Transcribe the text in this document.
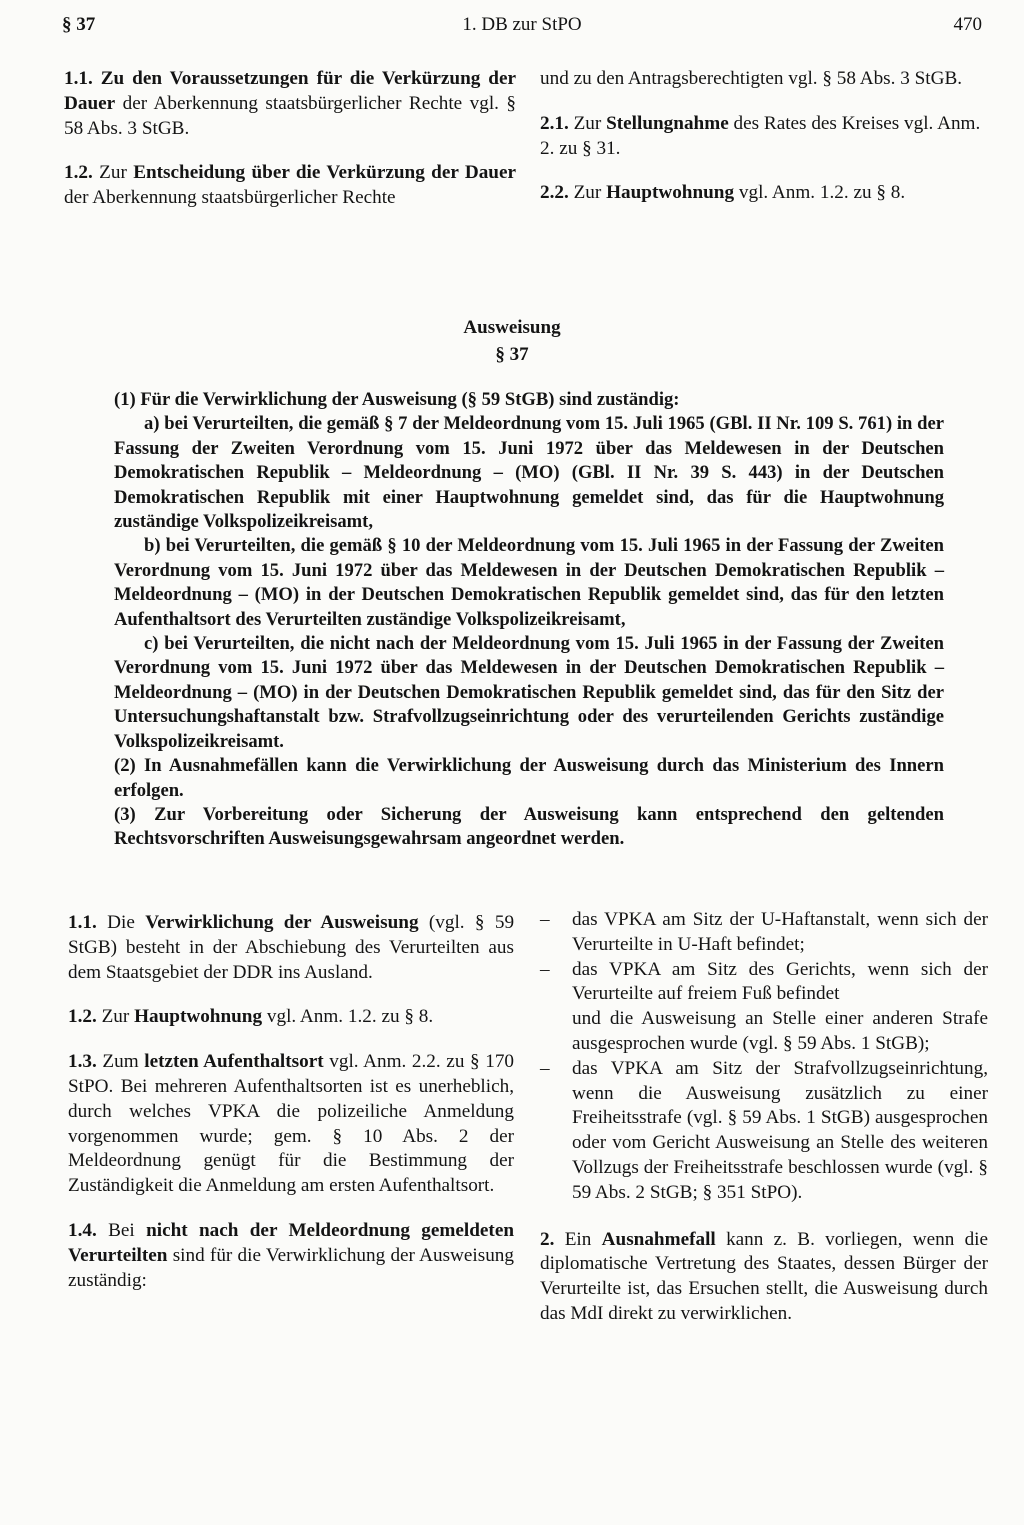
§ 37	1. DB zur StPO	470

1.1. Zu den Voraussetzungen für die Verkürzung der Dauer der Aberkennung staatsbürgerlicher Rechte vgl. § 58 Abs. 3 StGB.

1.2. Zur Entscheidung über die Verkürzung der Dauer der Aberkennung staatsbürgerlicher Rechte

und zu den Antragsberechtigten vgl. § 58 Abs. 3 StGB.

2.1. Zur Stellungnahme des Rates des Kreises vgl. Anm. 2. zu § 31.

2.2. Zur Hauptwohnung vgl. Anm. 1.2. zu § 8.

Ausweisung
§ 37

(1) Für die Verwirklichung der Ausweisung (§ 59 StGB) sind zuständig:

a) bei Verurteilten, die gemäß § 7 der Meldeordnung vom 15. Juli 1965 (GBl. II Nr. 109 S. 761) in der Fassung der Zweiten Verordnung vom 15. Juni 1972 über das Meldewesen in der Deutschen Demokratischen Republik – Meldeordnung – (MO) (GBl. II Nr. 39 S. 443) in der Deutschen Demokratischen Republik mit einer Hauptwohnung gemeldet sind, das für die Hauptwohnung zuständige Volkspolizeikreisamt,

b) bei Verurteilten, die gemäß § 10 der Meldeordnung vom 15. Juli 1965 in der Fassung der Zweiten Verordnung vom 15. Juni 1972 über das Meldewesen in der Deutschen Demokratischen Republik – Meldeordnung – (MO) in der Deutschen Demokratischen Republik gemeldet sind, das für den letzten Aufenthaltsort des Verurteilten zuständige Volkspolizeikreisamt,

c) bei Verurteilten, die nicht nach der Meldeordnung vom 15. Juli 1965 in der Fassung der Zweiten Verordnung vom 15. Juni 1972 über das Meldewesen in der Deutschen Demokratischen Republik – Meldeordnung – (MO) in der Deutschen Demokratischen Republik gemeldet sind, das für den Sitz der Untersuchungshaftanstalt bzw. Strafvollzugseinrichtung oder des verurteilenden Gerichts zuständige Volkspolizeikreisamt.

(2) In Ausnahmefällen kann die Verwirklichung der Ausweisung durch das Ministerium des Innern erfolgen.

(3) Zur Vorbereitung oder Sicherung der Ausweisung kann entsprechend den geltenden Rechtsvorschriften Ausweisungsgewahrsam angeordnet werden.

1.1. Die Verwirklichung der Ausweisung (vgl. § 59 StGB) besteht in der Abschiebung des Verurteilten aus dem Staatsgebiet der DDR ins Ausland.

1.2. Zur Hauptwohnung vgl. Anm. 1.2. zu § 8.

1.3. Zum letzten Aufenthaltsort vgl. Anm. 2.2. zu § 170 StPO. Bei mehreren Aufenthaltsorten ist es unerheblich, durch welches VPKA die polizeiliche Anmeldung vorgenommen wurde; gem. § 10 Abs. 2 der Meldeordnung genügt für die Bestimmung der Zuständigkeit die Anmeldung am ersten Aufenthaltsort.

1.4. Bei nicht nach der Meldeordnung gemeldeten Verurteilten sind für die Verwirklichung der Ausweisung zuständig:

– das VPKA am Sitz der U-Haftanstalt, wenn sich der Verurteilte in U-Haft befindet;

– das VPKA am Sitz des Gerichts, wenn sich der Verurteilte auf freiem Fuß befindet

und die Ausweisung an Stelle einer anderen Strafe ausgesprochen wurde (vgl. § 59 Abs. 1 StGB);

– das VPKA am Sitz der Strafvollzugseinrichtung, wenn die Ausweisung zusätzlich zu einer Freiheitsstrafe (vgl. § 59 Abs. 1 StGB) ausgesprochen oder vom Gericht Ausweisung an Stelle des weiteren Vollzugs der Freiheitsstrafe beschlossen wurde (vgl. § 59 Abs. 2 StGB; § 351 StPO).

2. Ein Ausnahmefall kann z. B. vorliegen, wenn die diplomatische Vertretung des Staates, dessen Bürger der Verurteilte ist, das Ersuchen stellt, die Ausweisung durch das MdI direkt zu verwirklichen.
